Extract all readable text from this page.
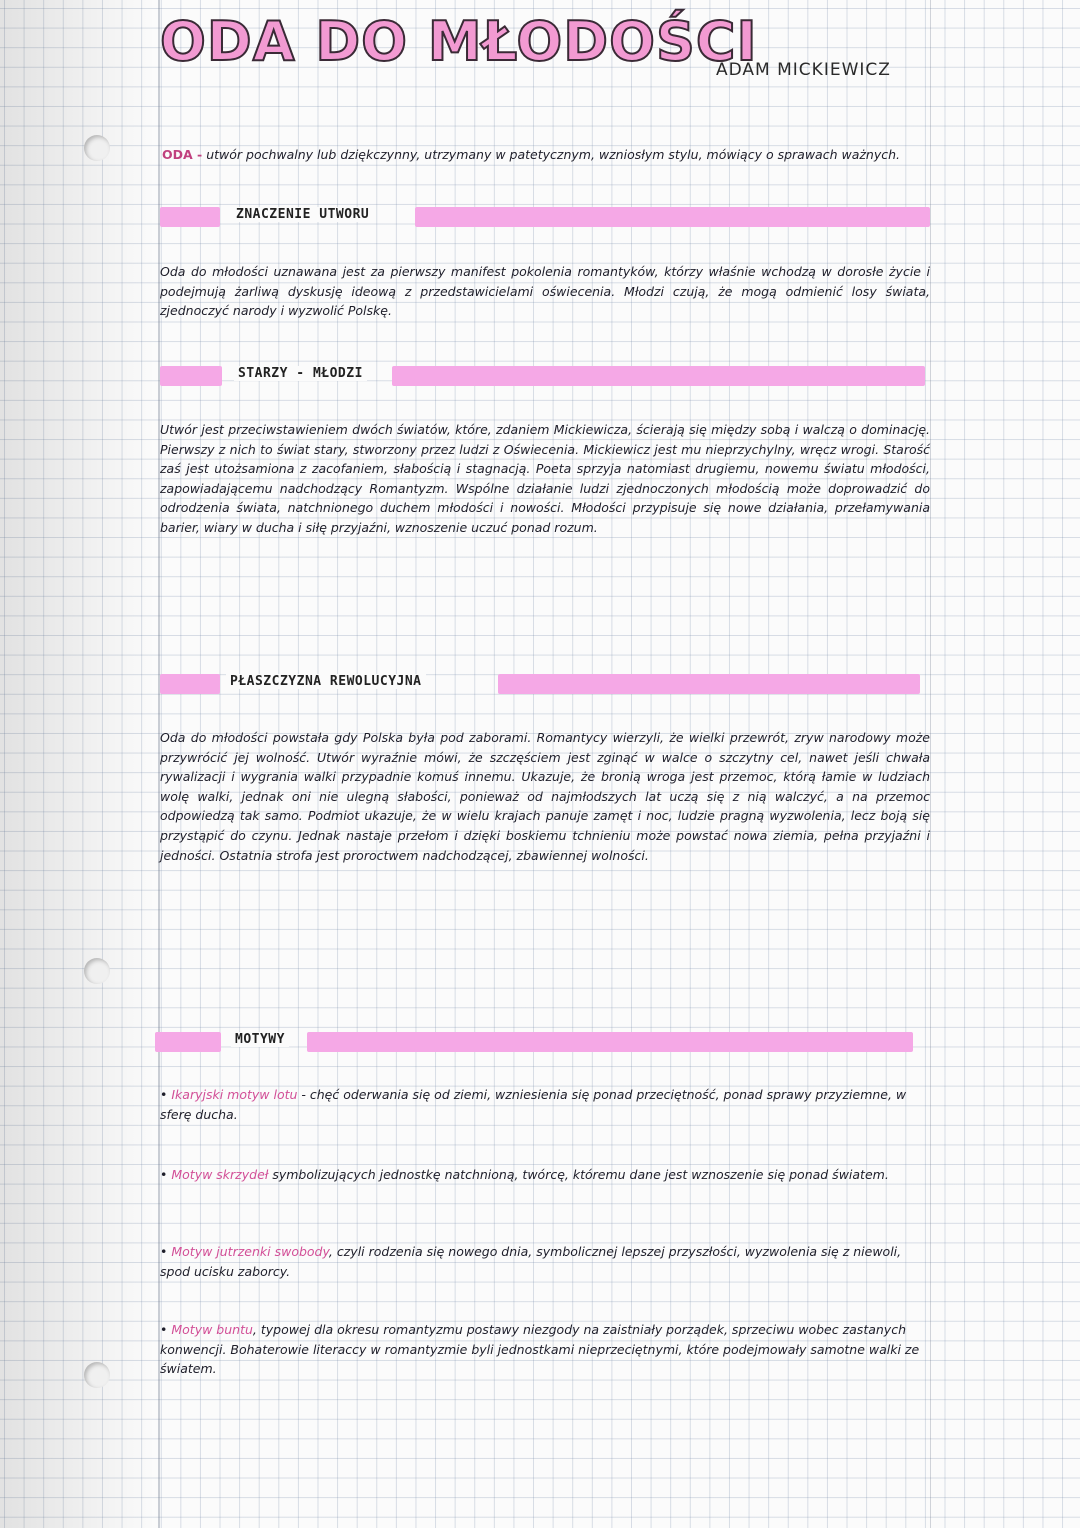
ODA DO MŁODOŚCI
ADAM MICKIEWICZ
ODA - utwór pochwalny lub dziękczynny, utrzymany w patetycznym, wzniosłym stylu, mówiący o sprawach ważnych.
ZNACZENIE UTWORU
Oda do młodości uznawana jest za pierwszy manifest pokolenia romantyków, którzy właśnie wchodzą w dorosłe życie i podejmują żarliwą dyskusję ideową z przedstawicielami oświecenia. Młodzi czują, że mogą odmienić losy świata, zjednoczyć narody i wyzwolić Polskę.
STARZY - MŁODZI
Utwór jest przeciwstawieniem dwóch światów, które, zdaniem Mickiewicza, ścierają się między sobą i walczą o dominację. Pierwszy z nich to świat stary, stworzony przez ludzi z Oświecenia. Mickiewicz jest mu nieprzychylny, wręcz wrogi. Starość zaś jest utożsamiona z zacofaniem, słabością i stagnacją. Poeta sprzyja natomiast drugiemu, nowemu światu młodości, zapowiadającemu nadchodzący Romantyzm. Wspólne działanie ludzi zjednoczonych młodością może doprowadzić do odrodzenia świata, natchnionego duchem młodości i nowości. Młodości przypisuje się nowe działania, przełamywania barier, wiary w ducha i siłę przyjaźni, wznoszenie uczuć ponad rozum.
PŁASZCZYZNA REWOLUCYJNA
Oda do młodości powstała gdy Polska była pod zaborami. Romantycy wierzyli, że wielki przewrót, zryw narodowy może przywrócić jej wolność. Utwór wyraźnie mówi, że szczęściem jest zginąć w walce o szczytny cel, nawet jeśli chwała rywalizacji i wygrania walki przypadnie komuś innemu. Ukazuje, że bronią wroga jest przemoc, którą łamie w ludziach wolę walki, jednak oni nie ulegną słabości, ponieważ od najmłodszych lat uczą się z nią walczyć, a na przemoc odpowiedzą tak samo. Podmiot ukazuje, że w wielu krajach panuje zamęt i noc, ludzie pragną wyzwolenia, lecz boją się przystąpić do czynu. Jednak nastaje przełom i dzięki boskiemu tchnieniu może powstać nowa ziemia, pełna przyjaźni i jedności. Ostatnia strofa jest proroctwem nadchodzącej, zbawiennej wolności.
MOTYWY
• Ikaryjski motyw lotu - chęć oderwania się od ziemi, wzniesienia się ponad przeciętność, ponad sprawy przyziemne, w sferę ducha.
• Motyw skrzydeł symbolizujących jednostkę natchnioną, twórcę, któremu dane jest wznoszenie się ponad światem.
• Motyw jutrzenki swobody, czyli rodzenia się nowego dnia, symbolicznej lepszej przyszłości, wyzwolenia się z niewoli, spod ucisku zaborcy.
• Motyw buntu, typowej dla okresu romantyzmu postawy niezgody na zaistniały porządek, sprzeciwu wobec zastanych konwencji. Bohaterowie literaccy w romantyzmie byli jednostkami nieprzeciętnymi, które podejmowały samotne walki ze światem.
